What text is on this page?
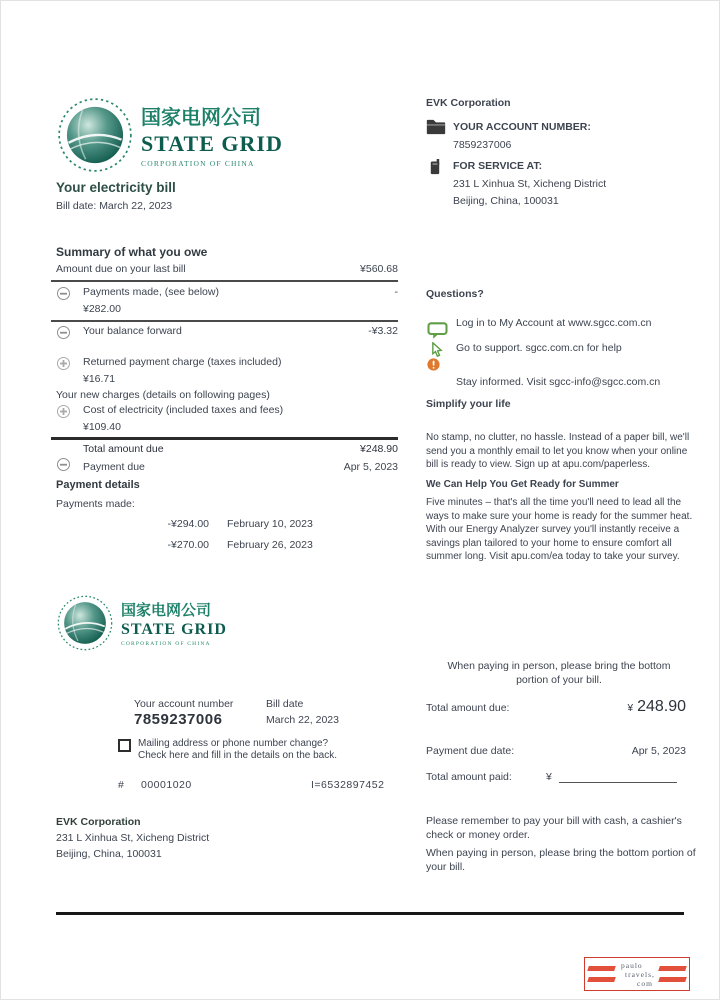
国家电网公司
STATE GRID
CORPORATION OF CHINA
Your electricity bill
Bill date: March 22, 2023
EVK Corporation
YOUR ACCOUNT NUMBER:
7859237006
FOR SERVICE AT:
231 L Xinhua St, Xicheng District
Beijing, China, 100031
Summary of what you owe
Amount due on your last bill	¥560.68
Payments made, (see below)	-
¥282.00
Your balance forward	-¥3.32
Returned payment charge (taxes included)
¥16.71
Your new charges (details on following pages)
Cost of electricity (included taxes and fees)
¥109.40
Total amount due	¥248.90
Payment due	Apr 5, 2023
Payment details
Payments made:
-¥294.00 February 10, 2023
-¥270.00 February 26, 2023
Questions?
Log in to My Account at www.sgcc.com.cn
Go to support. sgcc.com.cn for help
Stay informed. Visit sgcc-info@sgcc.com.cn
Simplify your life
No stamp, no clutter, no hassle. Instead of a paper bill, we'll send you a monthly email to let you know when your online bill is ready to view. Sign up at apu.com/paperless.
We Can Help You Get Ready for Summer
Five minutes – that's all the time you'll need to lead all the ways to make sure your home is ready for the summer heat. With our Energy Analyzer survey you'll instantly receive a savings plan tailored to your home to ensure comfort all summer long. Visit apu.com/ea today to take your survey.
国家电网公司
STATE GRID
CORPORATION OF CHINA
Your account number	Bill date
7859237006	March 22, 2023
Mailing address or phone number change?
Check here and fill in the details on the back.
# 00001020	I=6532897452
When paying in person, please bring the bottom portion of your bill.
Total amount due:	¥ 248.90
Payment due date:	Apr 5, 2023
Total amount paid:	¥
EVK Corporation
231 L Xinhua St, Xicheng District
Beijing, China, 100031
Please remember to pay your bill with cash, a cashier's check or money order.
When paying in person, please bring the bottom portion of your bill.
paulo
travels,
com
